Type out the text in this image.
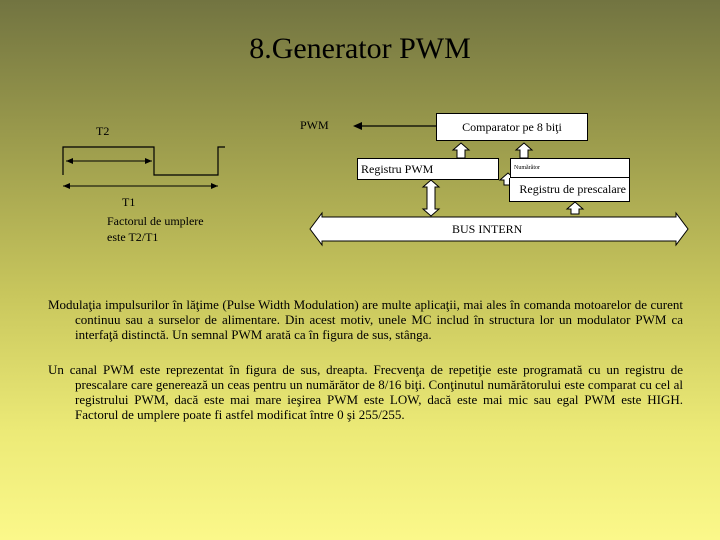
8.Generator PWM
T2
T1
Factorul de umplere
este T2/T1
PWM	Comparator pe 8 biţi
Registru PWM	Numărător
Registru de prescalare
BUS INTERN

Modulaţia impulsurilor în lăţime (Pulse Width Modulation) are multe aplicaţii, mai ales în comanda motoarelor de curent continuu sau a surselor de alimentare. Din acest motiv, unele MC includ în structura lor un modulator PWM ca interfaţă distinctă. Un semnal PWM arată ca în figura de sus, stânga.

Un canal PWM este reprezentat în figura de sus, dreapta. Frecvenţa de repetiţie este programată cu un registru de prescalare care generează un ceas pentru un numărător de 8/16 biţi. Conţinutul numărătorului este comparat cu cel al registrului PWM, dacă este mai mare ieşirea PWM este LOW, dacă este mai mic sau egal PWM este HIGH. Factorul de umplere poate fi astfel modificat între 0 şi 255/255.
